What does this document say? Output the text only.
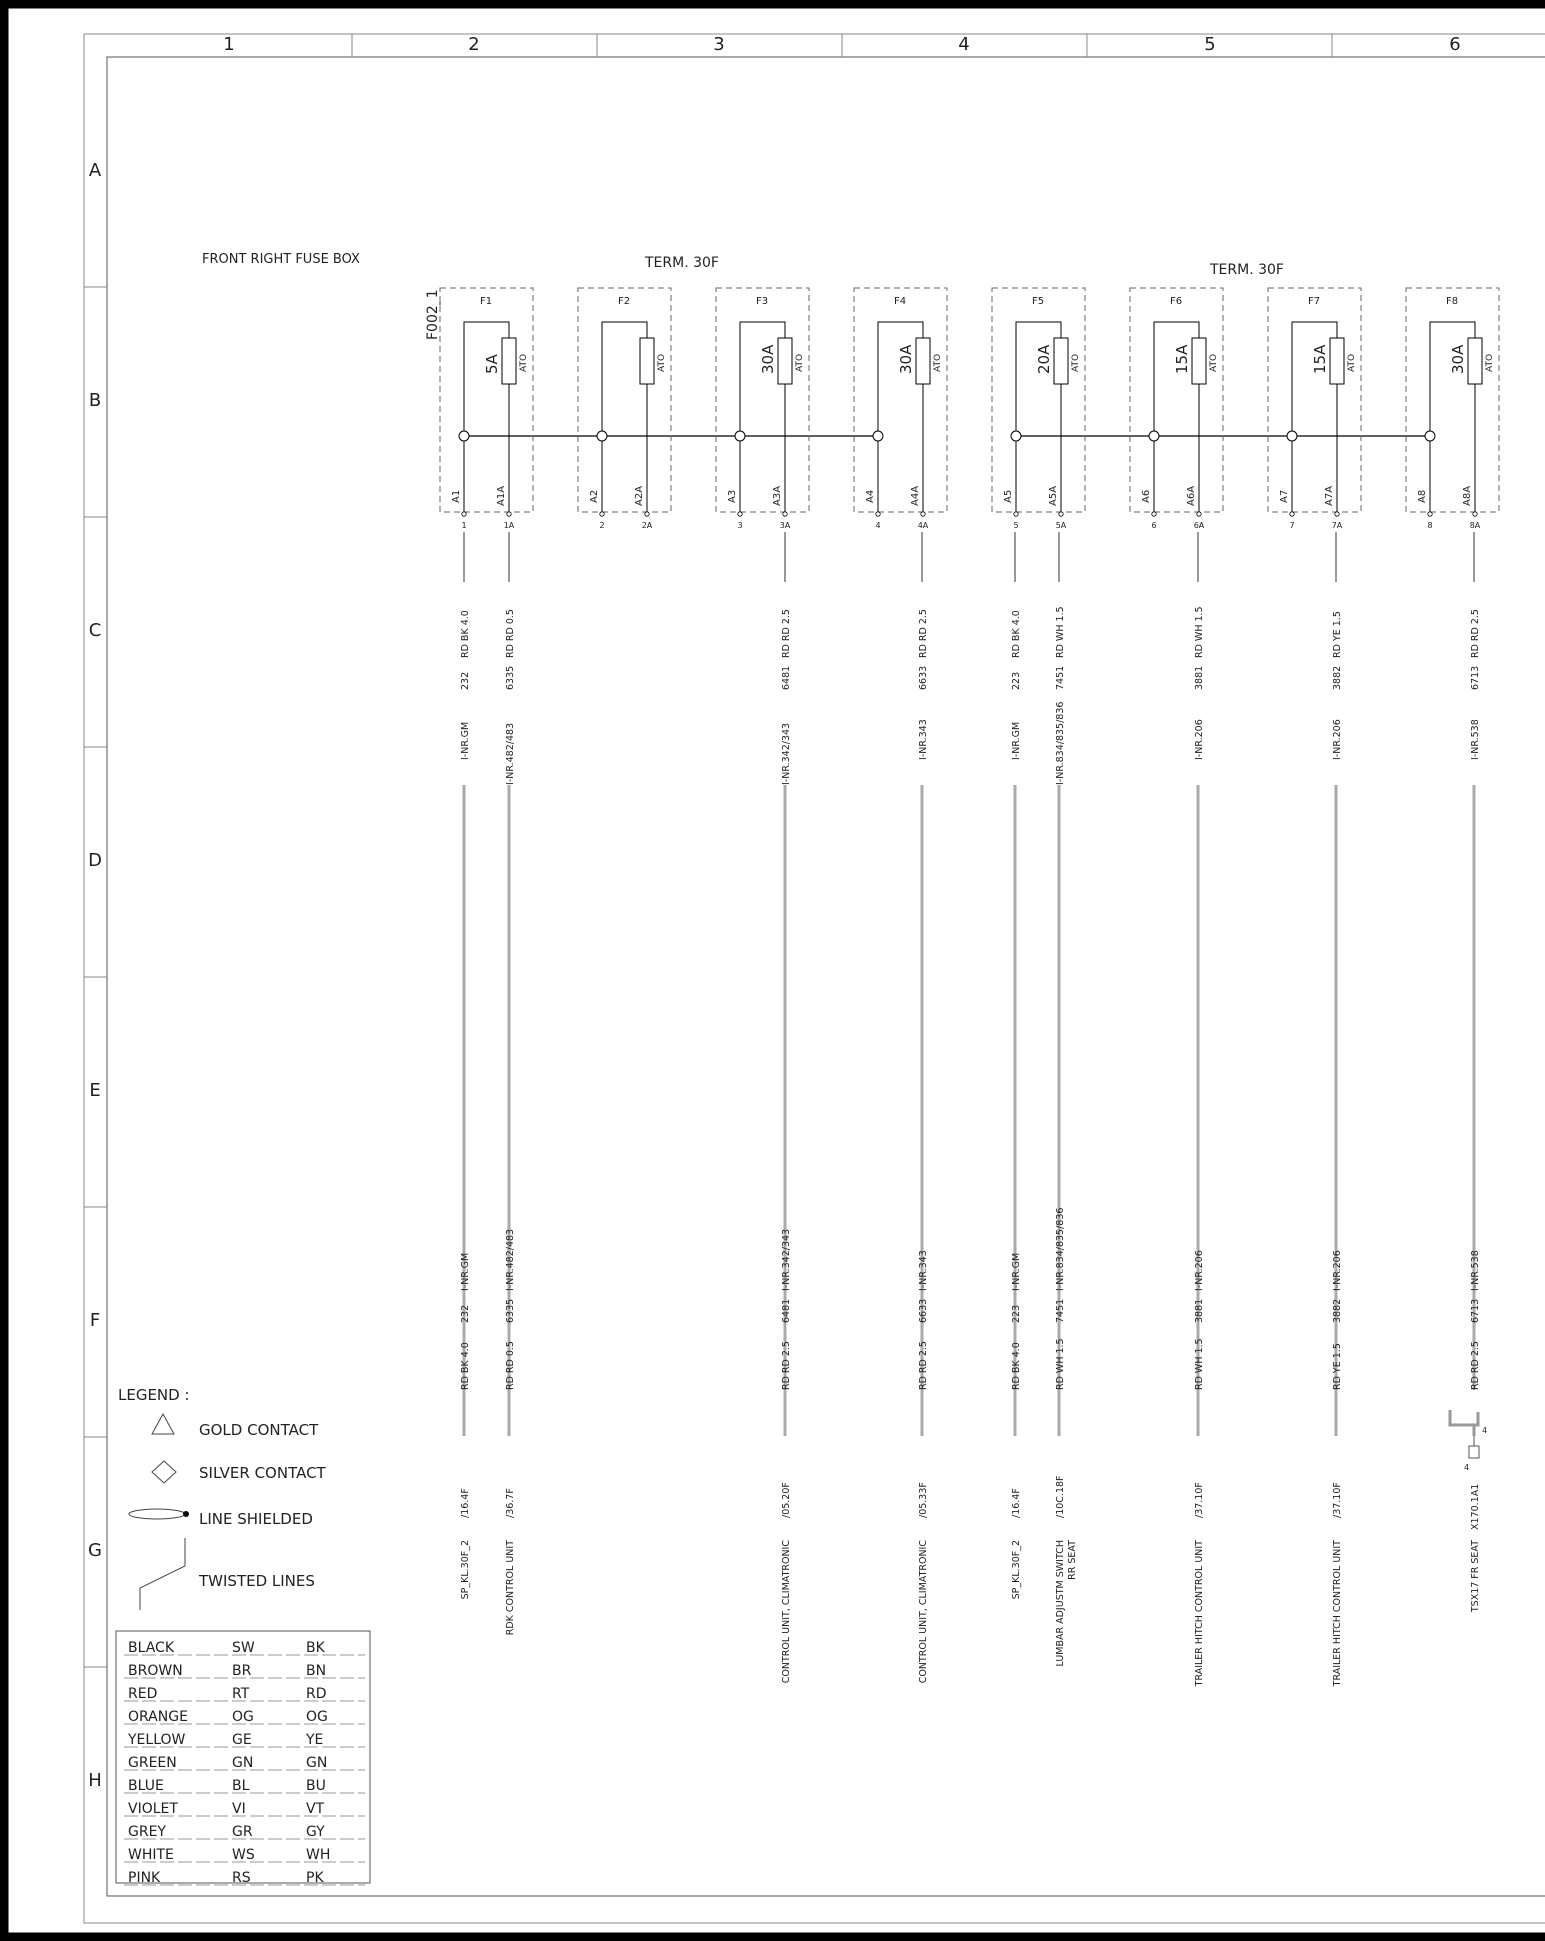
1	2	3	4	5	6
A
B
C
D
E
F
G
H
FRONT RIGHT FUSE BOX	TERM. 30F	TERM. 30F
F002_1	F1
5A ATO
A1	A1A
1	1A
F2
ATO
A2	A2A
2	2A
F3
30A ATO
A3	A3A
3	3A
F4
30A ATO
A4	A4A
4	4A
F5
20A ATO
A5	A5A
5	5A
F6
15A ATO
A6	A6A
6	6A
F7
15A ATO
A7	A7A
7	7A
F8
30A ATO
A8	A8A
8	8A
RD BK 4.0
232
I-NR.GM
I-NR.GM
232
RD BK 4.0
/16.4F
SP_KL.30F_2
RD RD 0.5
6335
I-NR.482/483
I-NR.482/483
6335
RD RD 0.5
/36.7F
RDK CONTROL UNIT
RD RD 2.5
6481
I-NR.342/343
I-NR.342/343
6481
RD RD 2.5
/05.20F
CONTROL UNIT, CLIMATRONIC
RD RD 2.5
6633
I-NR.343
I-NR.343
6633
RD RD 2.5
/05.33F
CONTROL UNIT, CLIMATRONIC
RD BK 4.0
223
I-NR.GM
I-NR.GM
223
RD BK 4.0
/16.4F
SP_KL.30F_2
RD WH 1.5
7451
I-NR.834/835/836
I-NR.834/835/836
7451
RD WH 1.5
/10C.18F
LUMBAR ADJUSTM SWITCH RR SEAT
RD WH 1.5
3881
I-NR.206
I-NR.206
3881
RD WH 1.5
/37.10F
TRAILER HITCH CONTROL UNIT
RD YE 1.5
3882
I-NR.206
I-NR.206
3882
RD YE 1.5
/37.10F
TRAILER HITCH CONTROL UNIT
RD RD 2.5
6713
I-NR.538
I-NR.538
6713
RD RD 2.5
X170.1A1
TSX17 FR SEAT
4
4
LEGEND :
GOLD CONTACT
SILVER CONTACT
LINE SHIELDED
TWISTED LINES
BLACK	SW	BK
BROWN	BR	BN
RED	RT	RD
ORANGE	OG	OG
YELLOW	GE	YE
GREEN	GN	GN
BLUE	BL	BU
VIOLET	VI	VT
GREY	GR	GY
WHITE	WS	WH
PINK	RS	PK
